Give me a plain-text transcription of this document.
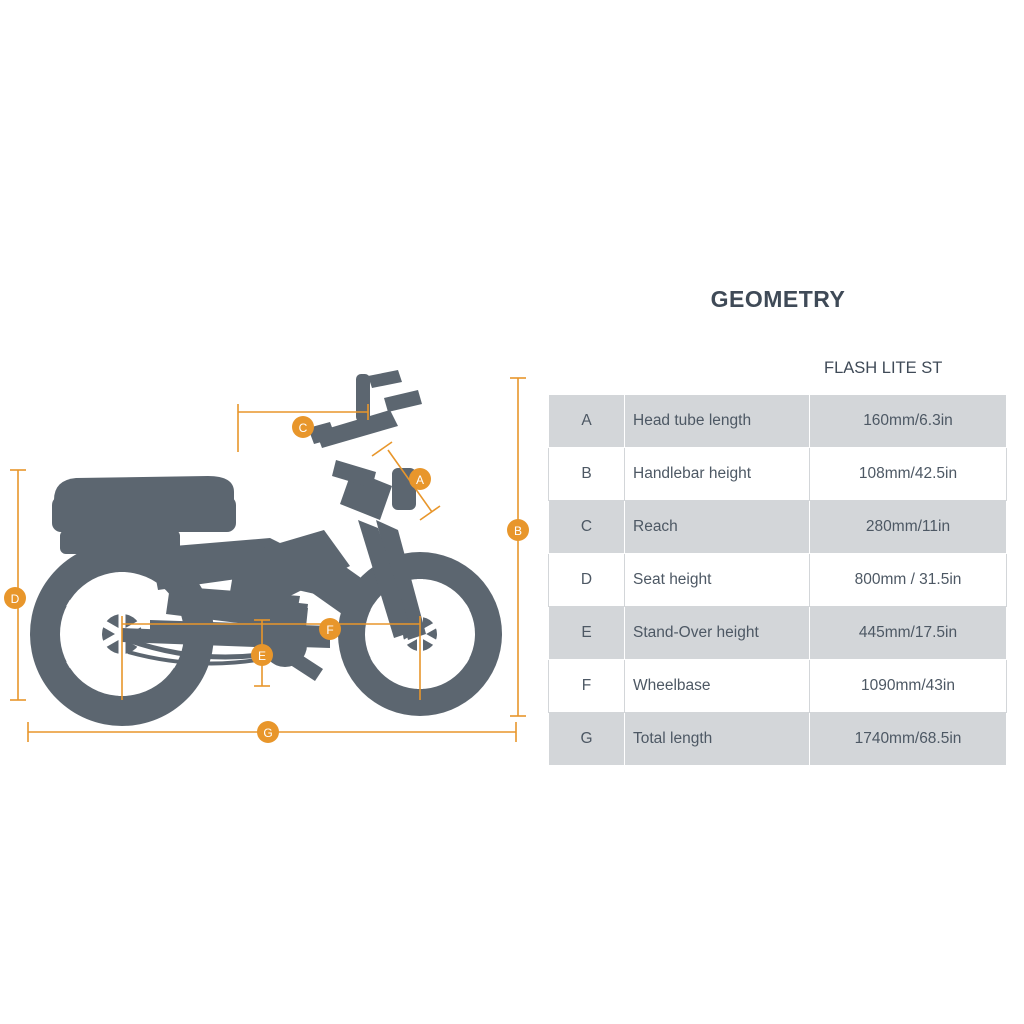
A
B
C
D
E
F
G
GEOMETRY
		FLASH LITE ST
A	Head tube length	160mm/6.3in
B	Handlebar height	108mm/42.5in
C	Reach	280mm/11in
D	Seat height	800mm / 31.5in
E	Stand-Over height	445mm/17.5in
F	Wheelbase	1090mm/43in
G	Total length	1740mm/68.5in
